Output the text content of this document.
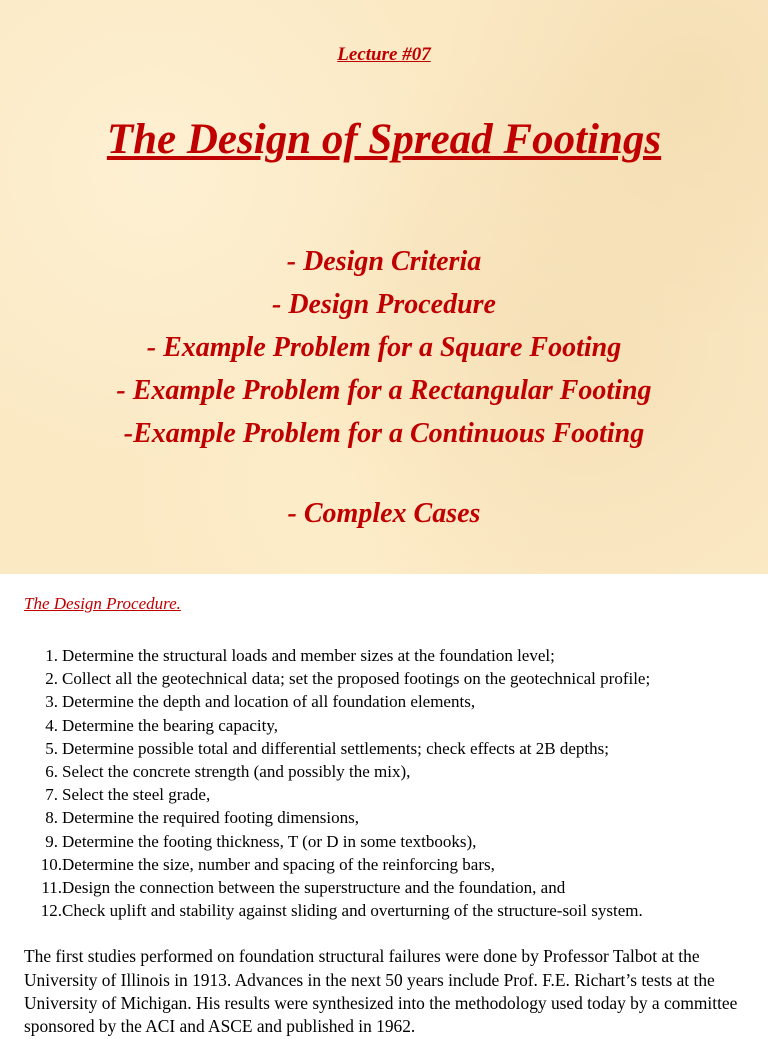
Lecture #07
The Design of Spread Footings
- Design Criteria
- Design Procedure
- Example Problem for a Square Footing
- Example Problem for a Rectangular Footing
-Example Problem for a Continuous Footing
- Complex Cases

The Design Procedure.

1.
Determine the structural loads and member sizes at the foundation level;
2.
Collect all the geotechnical data; set the proposed footings on the geotechnical profile;
3.
Determine the depth and location of all foundation elements,
4.
Determine the bearing capacity,
5.
Determine possible total and differential settlements; check effects at 2B depths;
6.
Select the concrete strength (and possibly the mix),
7.
Select the steel grade,
8.
Determine the required footing dimensions,
9.
Determine the footing thickness, T (or D in some textbooks),
10. Determine the size, number and spacing of the reinforcing bars,
11. Design the connection between the superstructure and the foundation, and
12. Check uplift and stability against sliding and overturning of the structure-soil system.

The first studies performed on foundation structural failures were done by Professor Talbot at the University of Illinois in 1913. Advances in the next 50 years include Prof. F.E. Richart’s tests at the University of Michigan. His results were synthesized into the methodology used today by a committee sponsored by the ACI and ASCE and published in 1962.
